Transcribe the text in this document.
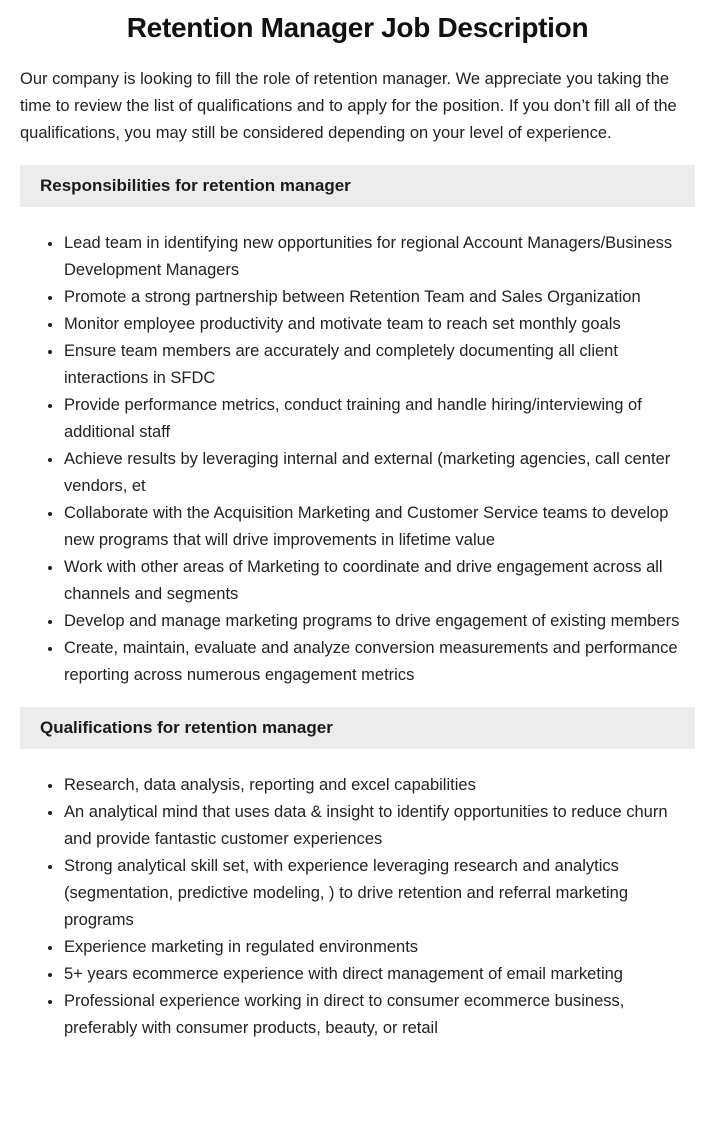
Retention Manager Job Description

Our company is looking to fill the role of retention manager. We appreciate you taking the time to review the list of qualifications and to apply for the position. If you don’t fill all of the qualifications, you may still be considered depending on your level of experience.

Responsibilities for retention manager
• Lead team in identifying new opportunities for regional Account Managers/Business Development Managers
• Promote a strong partnership between Retention Team and Sales Organization
• Monitor employee productivity and motivate team to reach set monthly goals
• Ensure team members are accurately and completely documenting all client interactions in SFDC
• Provide performance metrics, conduct training and handle hiring/interviewing of additional staff
• Achieve results by leveraging internal and external (marketing agencies, call center vendors, et
• Collaborate with the Acquisition Marketing and Customer Service teams to develop new programs that will drive improvements in lifetime value
• Work with other areas of Marketing to coordinate and drive engagement across all channels and segments
• Develop and manage marketing programs to drive engagement of existing members
• Create, maintain, evaluate and analyze conversion measurements and performance reporting across numerous engagement metrics
Qualifications for retention manager
• Research, data analysis, reporting and excel capabilities
• An analytical mind that uses data & insight to identify opportunities to reduce churn and provide fantastic customer experiences
• Strong analytical skill set, with experience leveraging research and analytics (segmentation, predictive modeling, ) to drive retention and referral marketing programs
• Experience marketing in regulated environments
• 5+ years ecommerce experience with direct management of email marketing
• Professional experience working in direct to consumer ecommerce business, preferably with consumer products, beauty, or retail
